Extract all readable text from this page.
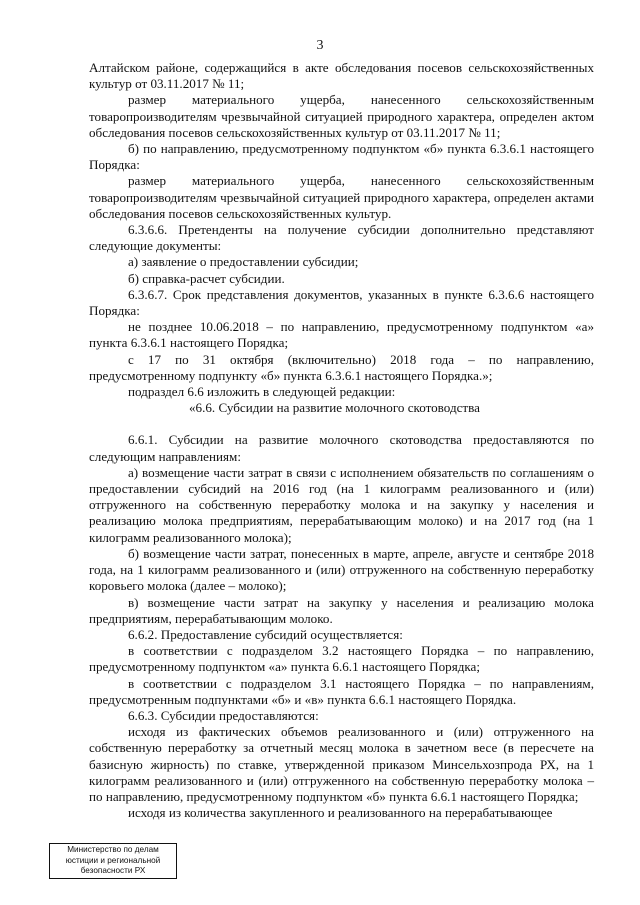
3

Алтайском районе, содержащийся в акте обследования посевов сельскохозяйственных культур от 03.11.2017 № 11;

размер материального ущерба, нанесенного сельскохозяйственным товаропроизводителям чрезвычайной ситуацией природного характера, определен актом обследования посевов сельскохозяйственных культур от 03.11.2017 № 11;

б) по направлению, предусмотренному подпунктом «б» пункта 6.3.6.1 настоящего Порядка:

размер материального ущерба, нанесенного сельскохозяйственным товаропроизводителям чрезвычайной ситуацией природного характера, определен актами обследования посевов сельскохозяйственных культур.

6.3.6.6. Претенденты на получение субсидии дополнительно представляют следующие документы:

а) заявление о предоставлении субсидии;

б) справка-расчет субсидии.

6.3.6.7. Срок представления документов, указанных в пункте 6.3.6.6 настоящего Порядка:

не позднее 10.06.2018 – по направлению, предусмотренному подпунктом «а» пункта 6.3.6.1 настоящего Порядка;

с 17 по 31 октября (включительно) 2018 года – по направлению, предусмотренному подпункту «б» пункта 6.3.6.1 настоящего Порядка.»;

подраздел 6.6 изложить в следующей редакции:

«6.6. Субсидии на развитие молочного скотоводства

6.6.1. Субсидии на развитие молочного скотоводства предоставляются по следующим направлениям:

а) возмещение части затрат в связи с исполнением обязательств по соглашениям о предоставлении субсидий на 2016 год (на 1 килограмм реализованного и (или) отгруженного на собственную переработку молока и на закупку у населения и реализацию молока предприятиям, перерабатывающим молоко) и на 2017 год (на 1 килограмм реализованного молока);

б) возмещение части затрат, понесенных в марте, апреле, августе и сентябре 2018 года, на 1 килограмм реализованного и (или) отгруженного на собственную переработку коровьего молока (далее – молоко);

в) возмещение части затрат на закупку у населения и реализацию молока предприятиям, перерабатывающим молоко.

6.6.2. Предоставление субсидий осуществляется:

в соответствии с подразделом 3.2 настоящего Порядка – по направлению, предусмотренному подпунктом «а» пункта 6.6.1 настоящего Порядка;

в соответствии с подразделом 3.1 настоящего Порядка – по направлениям, предусмотренным подпунктами «б» и «в» пункта 6.6.1 настоящего Порядка.

6.6.3. Субсидии предоставляются:

исходя из фактических объемов реализованного и (или) отгруженного на собственную переработку за отчетный месяц молока в зачетном весе (в пересчете на базисную жирность) по ставке, утвержденной приказом Минсельхозпрода РХ, на 1 килограмм реализованного и (или) отгруженного на собственную переработку молока – по направлению, предусмотренному подпунктом «б» пункта 6.6.1 настоящего Порядка;

исходя из количества закупленного и реализованного на перерабатывающее

Министерство по делам
юстиции и региональной
безопасности РХ
